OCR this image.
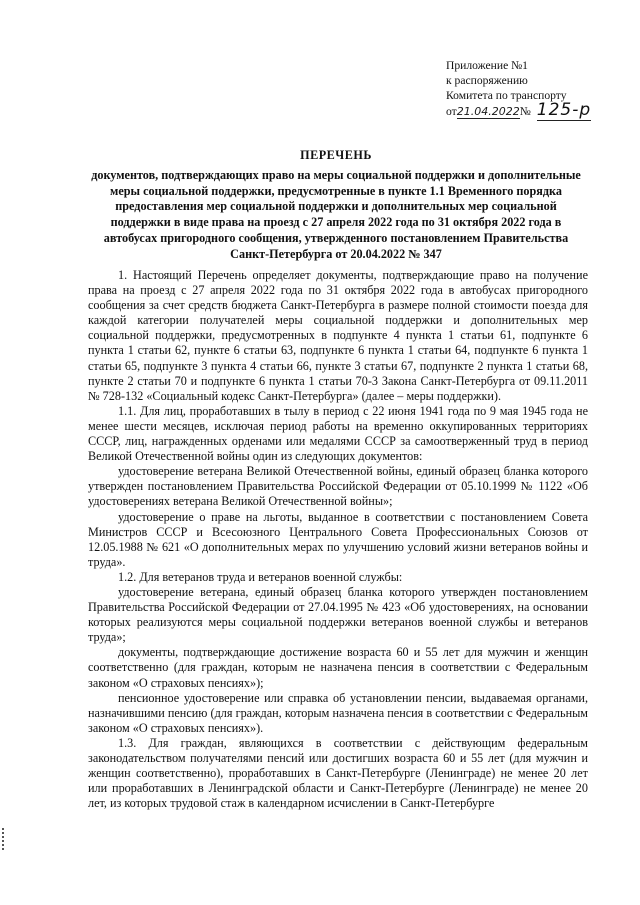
Приложение №1
к распоряжению
Комитета по транспорту
от21.04.2022№ 125-р
ПЕРЕЧЕНЬ
документов, подтверждающих право на меры социальной поддержки и дополнительные меры социальной поддержки, предусмотренные в пункте 1.1 Временного порядка предоставления мер социальной поддержки и дополнительных мер социальной поддержки в виде права на проезд с 27 апреля 2022 года по 31 октября 2022 года в автобусах пригородного сообщения, утвержденного постановлением Правительства Санкт-Петербурга от 20.04.2022 № 347

1. Настоящий Перечень определяет документы, подтверждающие право на получение права на проезд с 27 апреля 2022 года по 31 октября 2022 года в автобусах пригородного сообщения за счет средств бюджета Санкт-Петербурга в размере полной стоимости поезда для каждой категории получателей меры социальной поддержки и дополнительных мер социальной поддержки, предусмотренных в подпункте 4 пункта 1 статьи 61, подпункте 6 пункта 1 статьи 62, пункте 6 статьи 63, подпункте 6 пункта 1 статьи 64, подпункте 6 пункта 1 статьи 65, подпункте 3 пункта 4 статьи 66, пункте 3 статьи 67, подпункте 2 пункта 1 статьи 68, пункте 2 статьи 70 и подпункте 6 пункта 1 статьи 70-3 Закона Санкт-Петербурга от 09.11.2011 № 728-132 «Социальный кодекс Санкт-Петербурга» (далее – меры поддержки).

1.1. Для лиц, проработавших в тылу в период с 22 июня 1941 года по 9 мая 1945 года не менее шести месяцев, исключая период работы на временно оккупированных территориях СССР, лиц, награжденных орденами или медалями СССР за самоотверженный труд в период Великой Отечественной войны один из следующих документов:

удостоверение ветерана Великой Отечественной войны, единый образец бланка которого утвержден постановлением Правительства Российской Федерации от 05.10.1999 № 1122 «Об удостоверениях ветерана Великой Отечественной войны»;

удостоверение о праве на льготы, выданное в соответствии с постановлением Совета Министров СССР и Всесоюзного Центрального Совета Профессиональных Союзов от 12.05.1988 № 621 «О дополнительных мерах по улучшению условий жизни ветеранов войны и труда».

1.2. Для ветеранов труда и ветеранов военной службы:

удостоверение ветерана, единый образец бланка которого утвержден постановлением Правительства Российской Федерации от 27.04.1995 № 423 «Об удостоверениях, на основании которых реализуются меры социальной поддержки ветеранов военной службы и ветеранов труда»;

документы, подтверждающие достижение возраста 60 и 55 лет для мужчин и женщин соответственно (для граждан, которым не назначена пенсия в соответствии с Федеральным законом «О страховых пенсиях»);

пенсионное удостоверение или справка об установлении пенсии, выдаваемая органами, назначившими пенсию (для граждан, которым назначена пенсия в соответствии с Федеральным законом «О страховых пенсиях»).

1.3. Для граждан, являющихся в соответствии с действующим федеральным законодательством получателями пенсий или достигших возраста 60 и 55 лет (для мужчин и женщин соответственно), проработавших в Санкт-Петербурге (Ленинграде) не менее 20 лет или проработавших в Ленинградской области и Санкт-Петербурге (Ленинграде) не менее 20 лет, из которых трудовой стаж в календарном исчислении в Санкт-Петербурге
